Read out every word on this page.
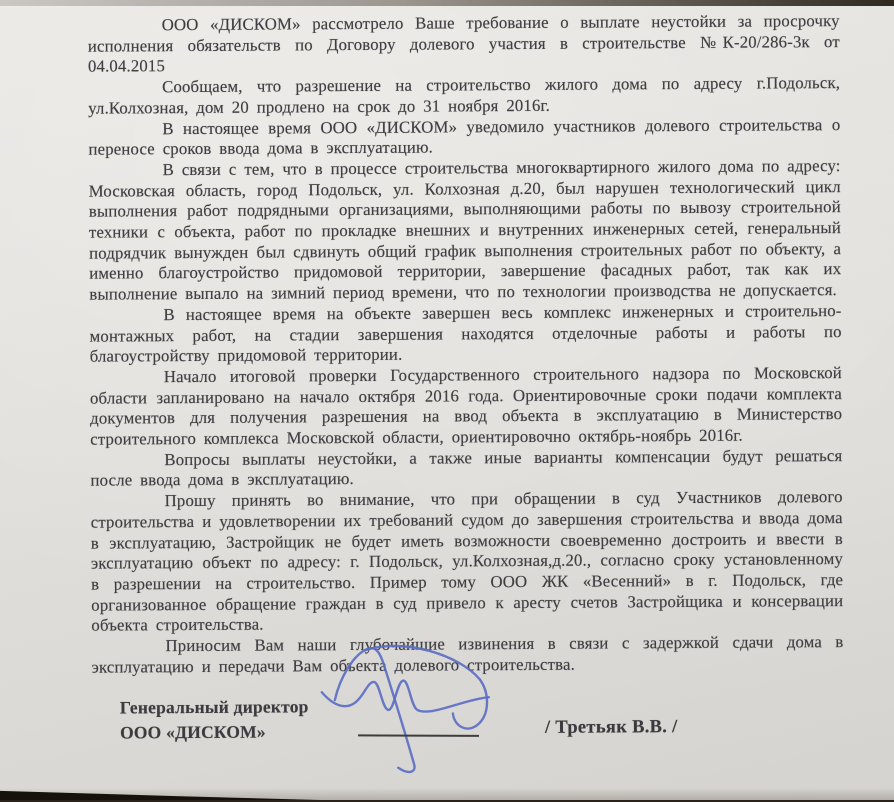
ООО «ДИСКОМ» рассмотрело Ваше требование о выплате неустойки за просрочку исполнения обязательств по Договору долевого участия в строительстве №К-20/286-3к от 04.04.2015

Сообщаем, что разрешение на строительство жилого дома по адресу г.Подольск, ул.Колхозная, дом 20 продлено на срок до 31 ноября 2016г.

В настоящее время ООО «ДИСКОМ» уведомило участников долевого строительства о переносе сроков ввода дома в эксплуатацию.

В связи с тем, что в процессе строительства многоквартирного жилого дома по адресу: Московская область, город Подольск, ул. Колхозная д.20, был нарушен технологический цикл выполнения работ подрядными организациями, выполняющими работы по вывозу строительной техники с объекта, работ по прокладке внешних и внутренних инженерных сетей, генеральный подрядчик вынужден был сдвинуть общий график выполнения строительных работ по объекту, а именно благоустройство придомовой территории, завершение фасадных работ, так как их выполнение выпало на зимний период времени, что по технологии производства не допускается.

В настоящее время на объекте завершен весь комплекс инженерных и строительно-монтажных работ, на стадии завершения находятся отделочные работы и работы по благоустройству придомовой территории.

Начало итоговой проверки Государственного строительного надзора по Московской области запланировано на начало октября 2016 года. Ориентировочные сроки подачи комплекта документов для получения разрешения на ввод объекта в эксплуатацию в Министерство строительного комплекса Московской области, ориентировочно октябрь-ноябрь 2016г.

Вопросы выплаты неустойки, а также иные варианты компенсации будут решаться после ввода дома в эксплуатацию.

Прошу принять во внимание, что при обращении в суд Участников долевого строительства и удовлетворении их требований судом до завершения строительства и ввода дома в эксплуатацию, Застройщик не будет иметь возможности своевременно достроить и ввести в эксплуатацию объект по адресу: г. Подольск, ул.Колхозная,д.20., согласно сроку установленному в разрешении на строительство. Пример тому ООО ЖК «Весенний» в г. Подольск, где организованное обращение граждан в суд привело к аресту счетов Застройщика и консервации объекта строительства.

Приносим Вам наши глубочайшие извинения в связи с задержкой сдачи дома в эксплуатацию и передачи Вам объекта долевого строительства.

Генеральный директор
ООО «ДИСКОМ»	/ Третьяк В.В. /
